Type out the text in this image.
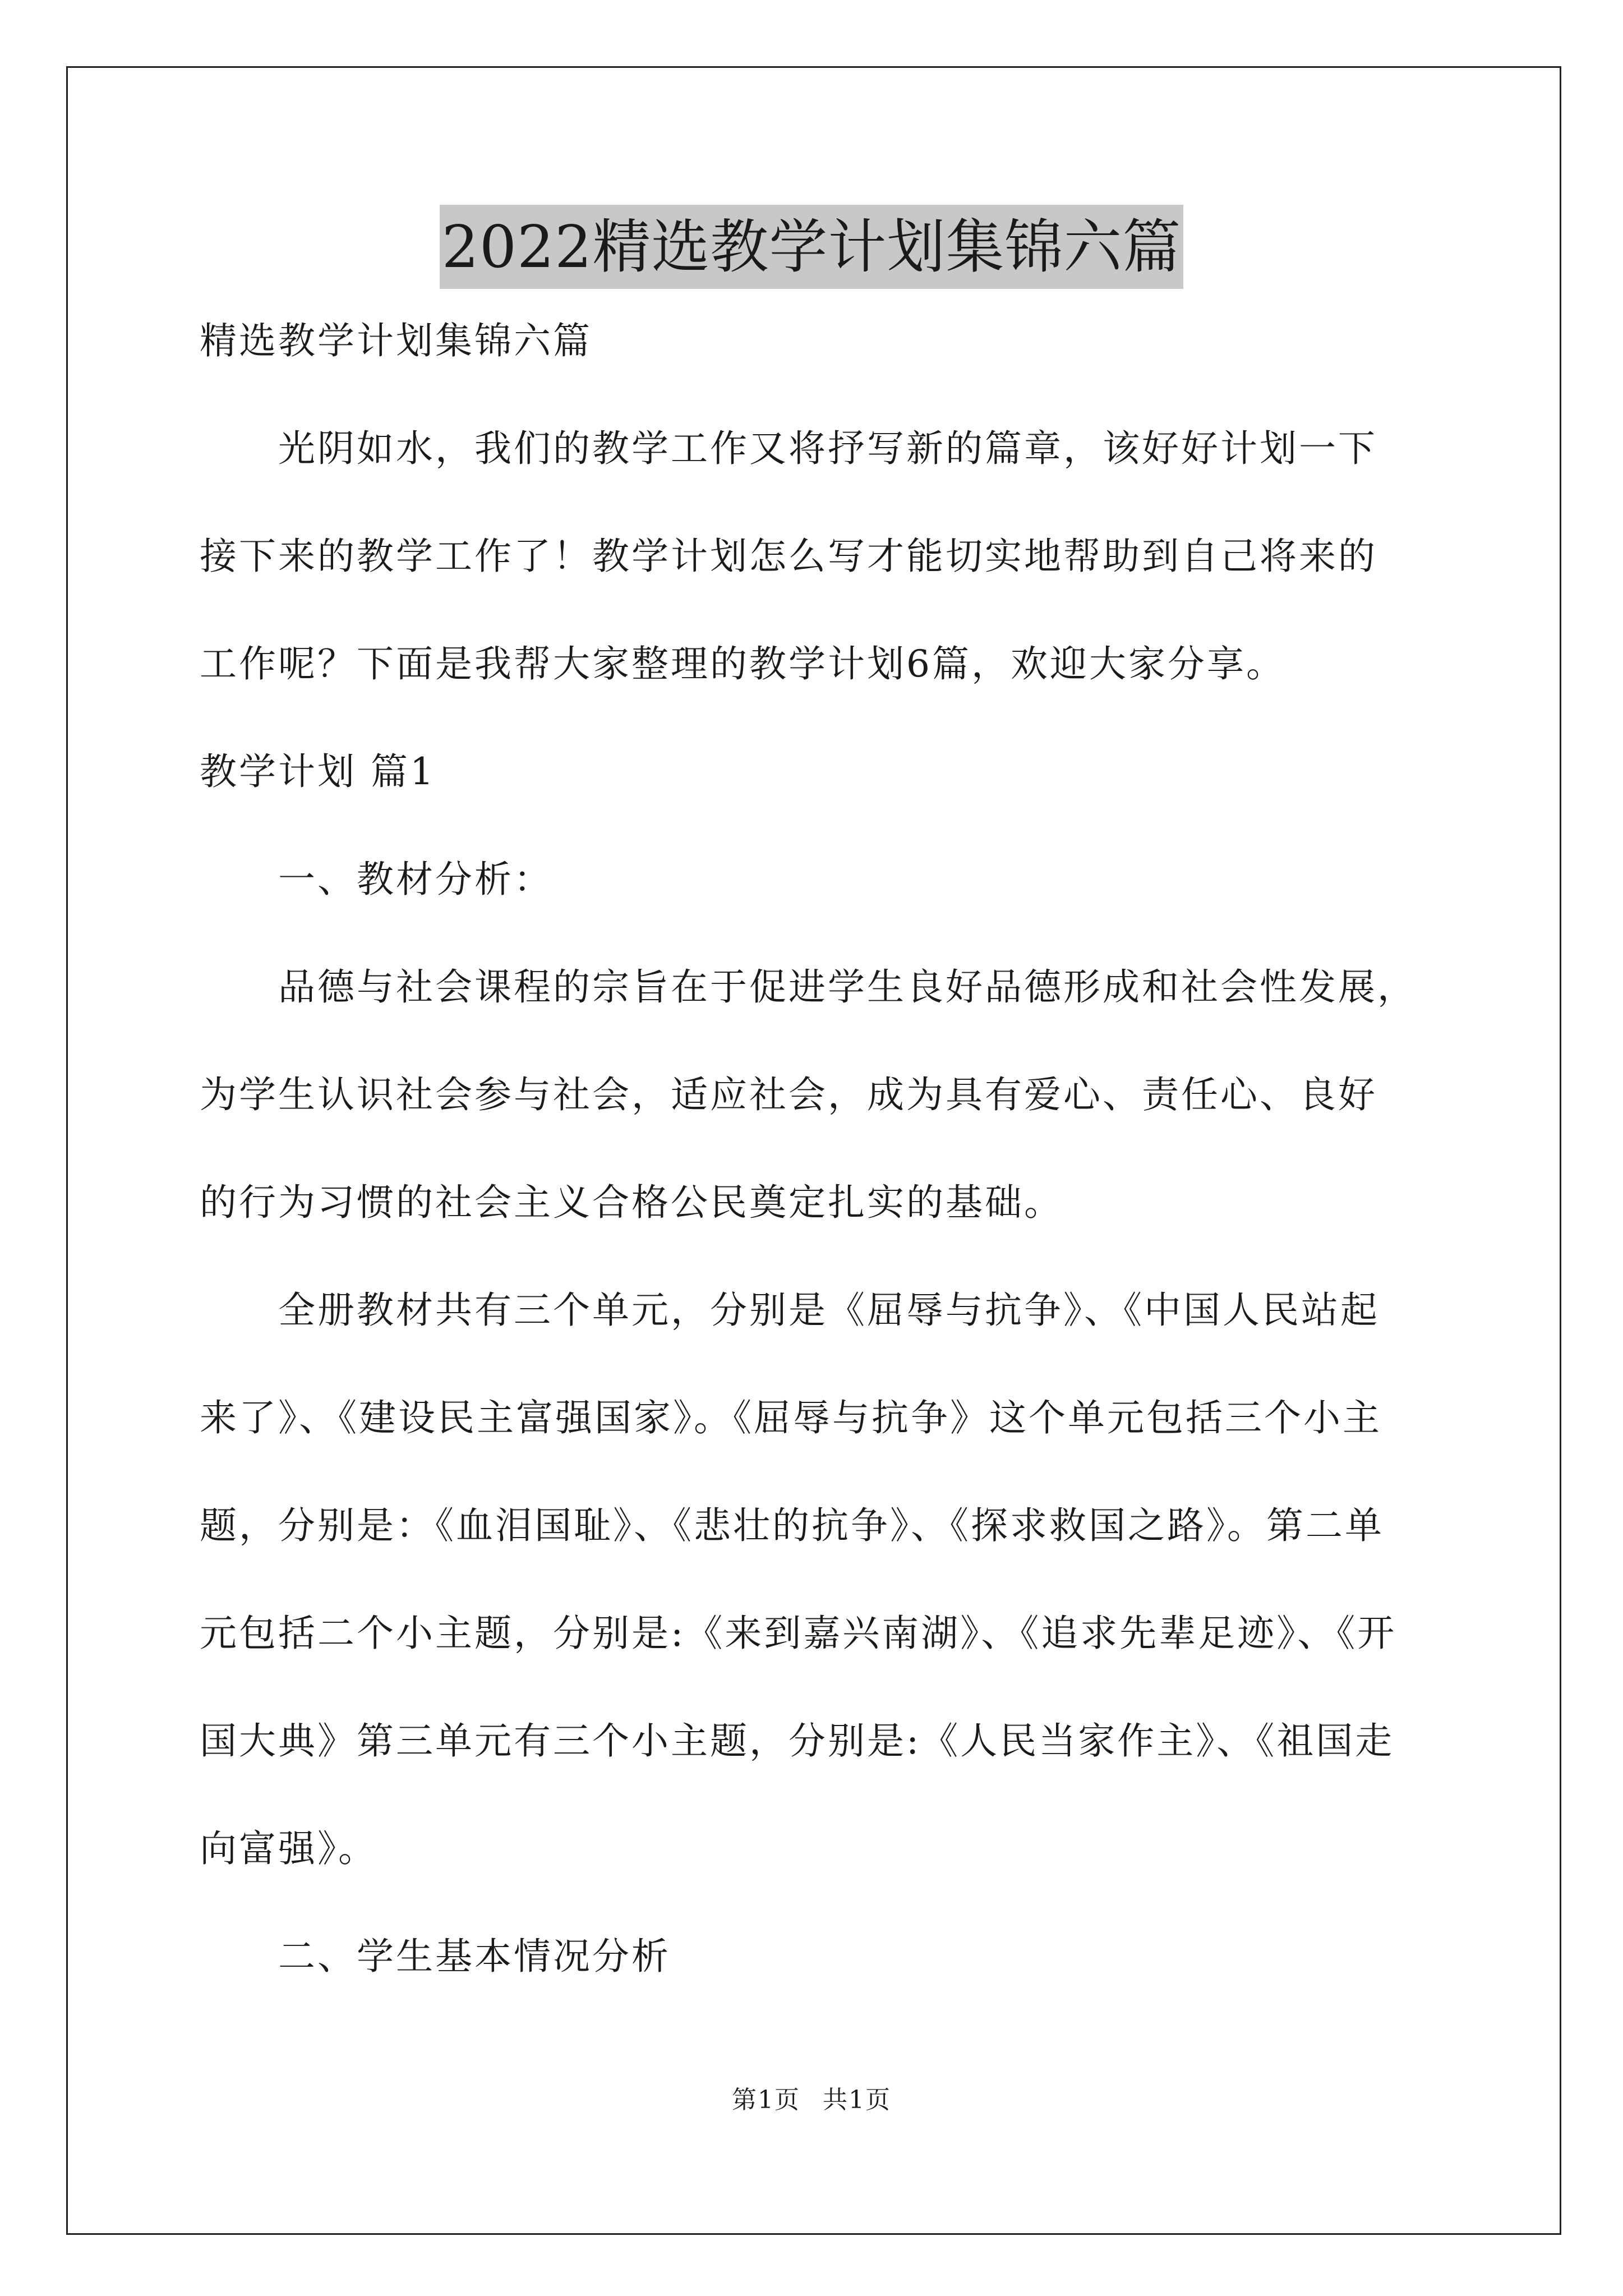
2022精选教学计划集锦六篇
精选教学计划集锦六篇
光阴如水，我们的教学工作又将抒写新的篇章，该好好计划一下
接下来的教学工作了！教学计划怎么写才能切实地帮助到自己将来的
工作呢？下面是我帮大家整理的教学计划6篇，欢迎大家分享。
教学计划 篇1
一、教材分析：
品德与社会课程的宗旨在于促进学生良好品德形成和社会性发展，
为学生认识社会参与社会，适应社会，成为具有爱心、责任心、良好
的行为习惯的社会主义合格公民奠定扎实的基础。
全册教材共有三个单元，分别是《屈辱与抗争》、《中国人民站起
来了》、《建设民主富强国家》。《屈辱与抗争》这个单元包括三个小主
题，分别是：《血泪国耻》、《悲壮的抗争》、《探求救国之路》。第二单
元包括二个小主题，分别是:《来到嘉兴南湖》、《追求先辈足迹》、《开
国大典》第三单元有三个小主题，分别是:《人民当家作主》、《祖国走
向富强》。
二、学生基本情况分析
第1页 共1页
